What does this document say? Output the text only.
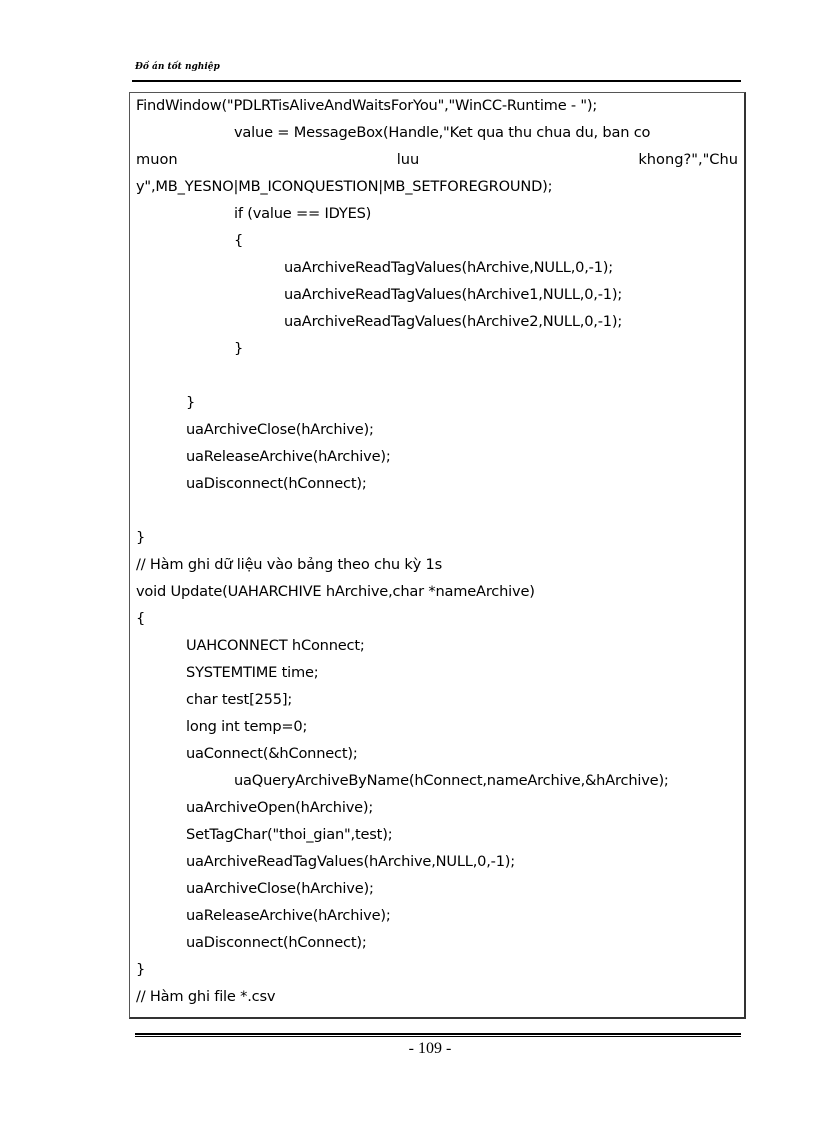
Đồ án tốt nghiệp
FindWindow("PDLRTisAliveAndWaitsForYou","WinCC-Runtime - ");
value = MessageBox(Handle,"Ket qua thu chua du, ban co
muon	luu	khong?","Chu
y",MB_YESNO|MB_ICONQUESTION|MB_SETFOREGROUND);
if (value == IDYES)
{
uaArchiveReadTagValues(hArchive,NULL,0,-1);
uaArchiveReadTagValues(hArchive1,NULL,0,-1);
uaArchiveReadTagValues(hArchive2,NULL,0,-1);
}
}
uaArchiveClose(hArchive);
uaReleaseArchive(hArchive);
uaDisconnect(hConnect);
}
// Hàm ghi dữ liệu vào bảng theo chu kỳ 1s
void Update(UAHARCHIVE hArchive,char *nameArchive)
{
UAHCONNECT hConnect;
SYSTEMTIME time;
char test[255];
long int temp=0;
uaConnect(&hConnect);
uaQueryArchiveByName(hConnect,nameArchive,&hArchive);
uaArchiveOpen(hArchive);
SetTagChar("thoi_gian",test);
uaArchiveReadTagValues(hArchive,NULL,0,-1);
uaArchiveClose(hArchive);
uaReleaseArchive(hArchive);
uaDisconnect(hConnect);
}
// Hàm ghi file *.csv
- 109 -
